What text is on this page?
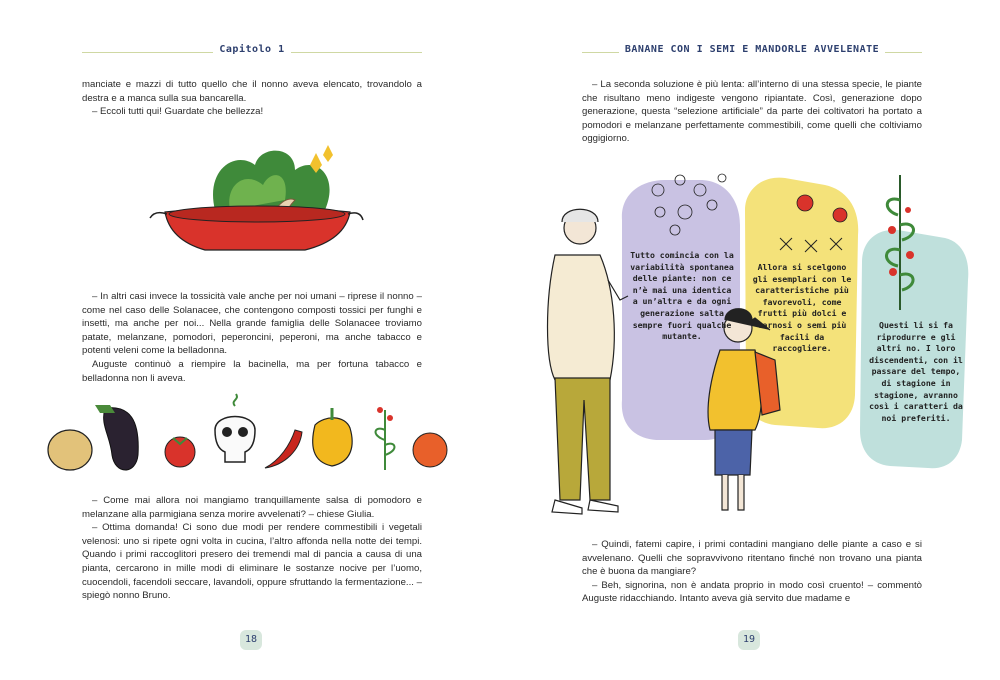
Capitolo 1

manciate e mazzi di tutto quello che il nonno aveva elencato, trovandolo a destra e a manca sulla sua bancarella.

– Eccoli tutti qui! Guardate che bellezza!

– In altri casi invece la tossicità vale anche per noi umani – riprese il nonno – come nel caso delle Solanacee, che contengono composti tossici per funghi e insetti, ma anche per noi... Nella grande famiglia delle Solanacee troviamo patate, melanzane, pomodori, peperoncini, peperoni, ma anche tabacco e potenti veleni come la belladonna.

Auguste continuò a riempire la bacinella, ma per fortuna tabacco e belladonna non li aveva.

– Come mai allora noi mangiamo tranquillamente salsa di pomodoro e melanzane alla parmigiana senza morire avvelenati? – chiese Giulia.

– Ottima domanda! Ci sono due modi per rendere commestibili i vegetali velenosi: uno si ripete ogni volta in cucina, l’altro affonda nella notte dei tempi. Quando i primi raccoglitori presero dei tremendi mal di pancia a causa di una pianta, cercarono in mille modi di eliminare le sostanze nocive per l’uomo, cuocendoli, facendoli seccare, lavandoli, oppure sfruttando la fermentazione... – spiegò nonno Bruno.

18
BANANE CON I SEMI E MANDORLE AVVELENATE

– La seconda soluzione è più lenta: all’interno di una stessa specie, le piante che risultano meno indigeste vengono ripiantate. Così, generazione dopo generazione, questa “selezione artificiale” da parte dei coltivatori ha portato a pomodori e melanzane perfettamente commestibili, come quelli che coltiviamo oggigiorno.

Tutto comincia con la variabilità spontanea delle piante: non ce n’è mai una identica a un’altra e da ogni generazione salta sempre fuori qualche mutante.
Allora si scelgono gli esemplari con le caratteristiche più favorevoli, come frutti più dolci e carnosi o semi più facili da raccogliere.
Questi li si fa riprodurre e gli altri no. I loro discendenti, con il passare del tempo, di stagione in stagione, avranno così i caratteri da noi preferiti.

– Quindi, fatemi capire, i primi contadini mangiano delle piante a caso e si avvelenano. Quelli che sopravvivono ritentano finché non trovano una pianta che è buona da mangiare?

– Beh, signorina, non è andata proprio in modo così cruento! – commentò Auguste ridacchiando. Intanto aveva già servito due madame e

19
